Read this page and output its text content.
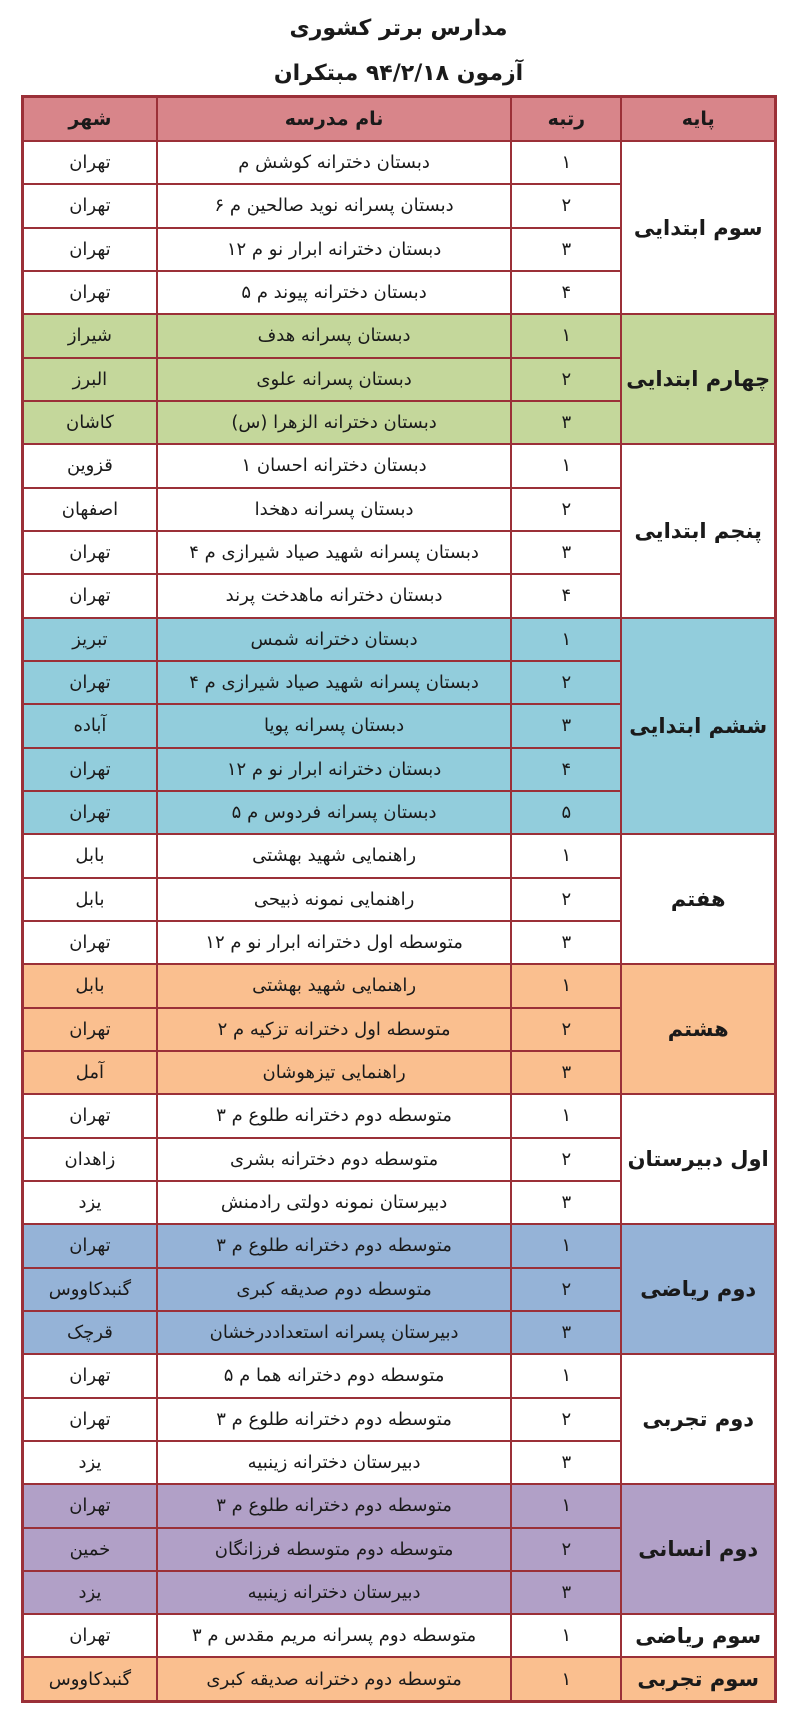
مدارس برتر کشوری
آزمون ۹۴/۲/۱۸ مبتکران
پایه	رتبه	نام مدرسه	شهر
سوم ابتدایی	۱	دبستان دخترانه کوشش م	تهران
	۲	دبستان پسرانه نوید صالحین م ۶	تهران
	۳	دبستان دخترانه ابرار نو م ۱۲	تهران
	۴	دبستان دخترانه پیوند م ۵	تهران
چهارم ابتدایی	۱	دبستان پسرانه هدف	شیراز
	۲	دبستان پسرانه علوی	البرز
	۳	دبستان دخترانه الزهرا (س)	کاشان
پنجم ابتدایی	۱	دبستان دخترانه احسان ۱	قزوین
	۲	دبستان پسرانه دهخدا	اصفهان
	۳	دبستان پسرانه شهید صیاد شیرازی م ۴	تهران
	۴	دبستان دخترانه ماهدخت پرند	تهران
ششم ابتدایی	۱	دبستان دخترانه شمس	تبریز
	۲	دبستان پسرانه شهید صیاد شیرازی م ۴	تهران
	۳	دبستان پسرانه پویا	آباده
	۴	دبستان دخترانه ابرار نو م ۱۲	تهران
	۵	دبستان پسرانه فردوس م ۵	تهران
هفتم	۱	راهنمایی شهید بهشتی	بابل
	۲	راهنمایی نمونه ذبیحی	بابل
	۳	متوسطه اول دخترانه ابرار نو م ۱۲	تهران
هشتم	۱	راهنمایی شهید بهشتی	بابل
	۲	متوسطه اول دخترانه تزکیه م ۲	تهران
	۳	راهنمایی تیزهوشان	آمل
اول دبیرستان	۱	متوسطه دوم دخترانه طلوع م ۳	تهران
	۲	متوسطه دوم دخترانه بشری	زاهدان
	۳	دبیرستان نمونه دولتی رادمنش	یزد
دوم ریاضی	۱	متوسطه دوم دخترانه طلوع م ۳	تهران
	۲	متوسطه دوم صدیقه کبری	گنبدکاووس
	۳	دبیرستان پسرانه استعداددرخشان	قرچک
دوم تجربی	۱	متوسطه دوم دخترانه هما م ۵	تهران
	۲	متوسطه دوم دخترانه طلوع م ۳	تهران
	۳	دبیرستان دخترانه زینبیه	یزد
دوم انسانی	۱	متوسطه دوم دخترانه طلوع م ۳	تهران
	۲	متوسطه دوم متوسطه فرزانگان	خمین
	۳	دبیرستان دخترانه زینبیه	یزد
سوم ریاضی	۱	متوسطه دوم پسرانه مریم مقدس م ۳	تهران
سوم تجربی	۱	متوسطه دوم دخترانه صدیقه کبری	گنبدکاووس
